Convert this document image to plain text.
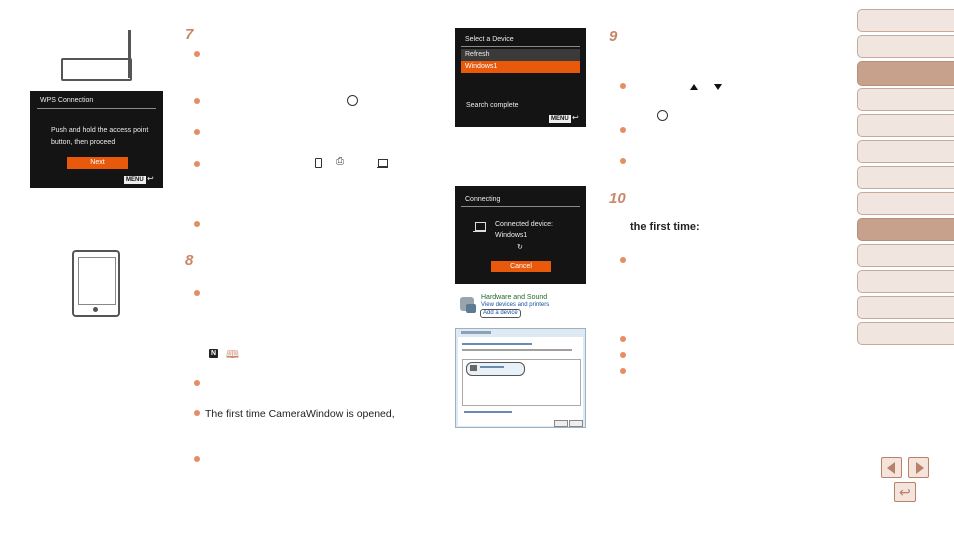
WPS Connection
Push and hold the access point
button, then proceed
Next
MENU ↩
7
⎙
8
N 🕮
The first time CameraWindow is opened,
Select a Device
Refresh
Windows1
Search complete
MENU ↩
Connecting
Connected device:
Windows1
↻
Cancel
Hardware and Sound
View devices and printers
Add a device
9
10
the first time:
↩
